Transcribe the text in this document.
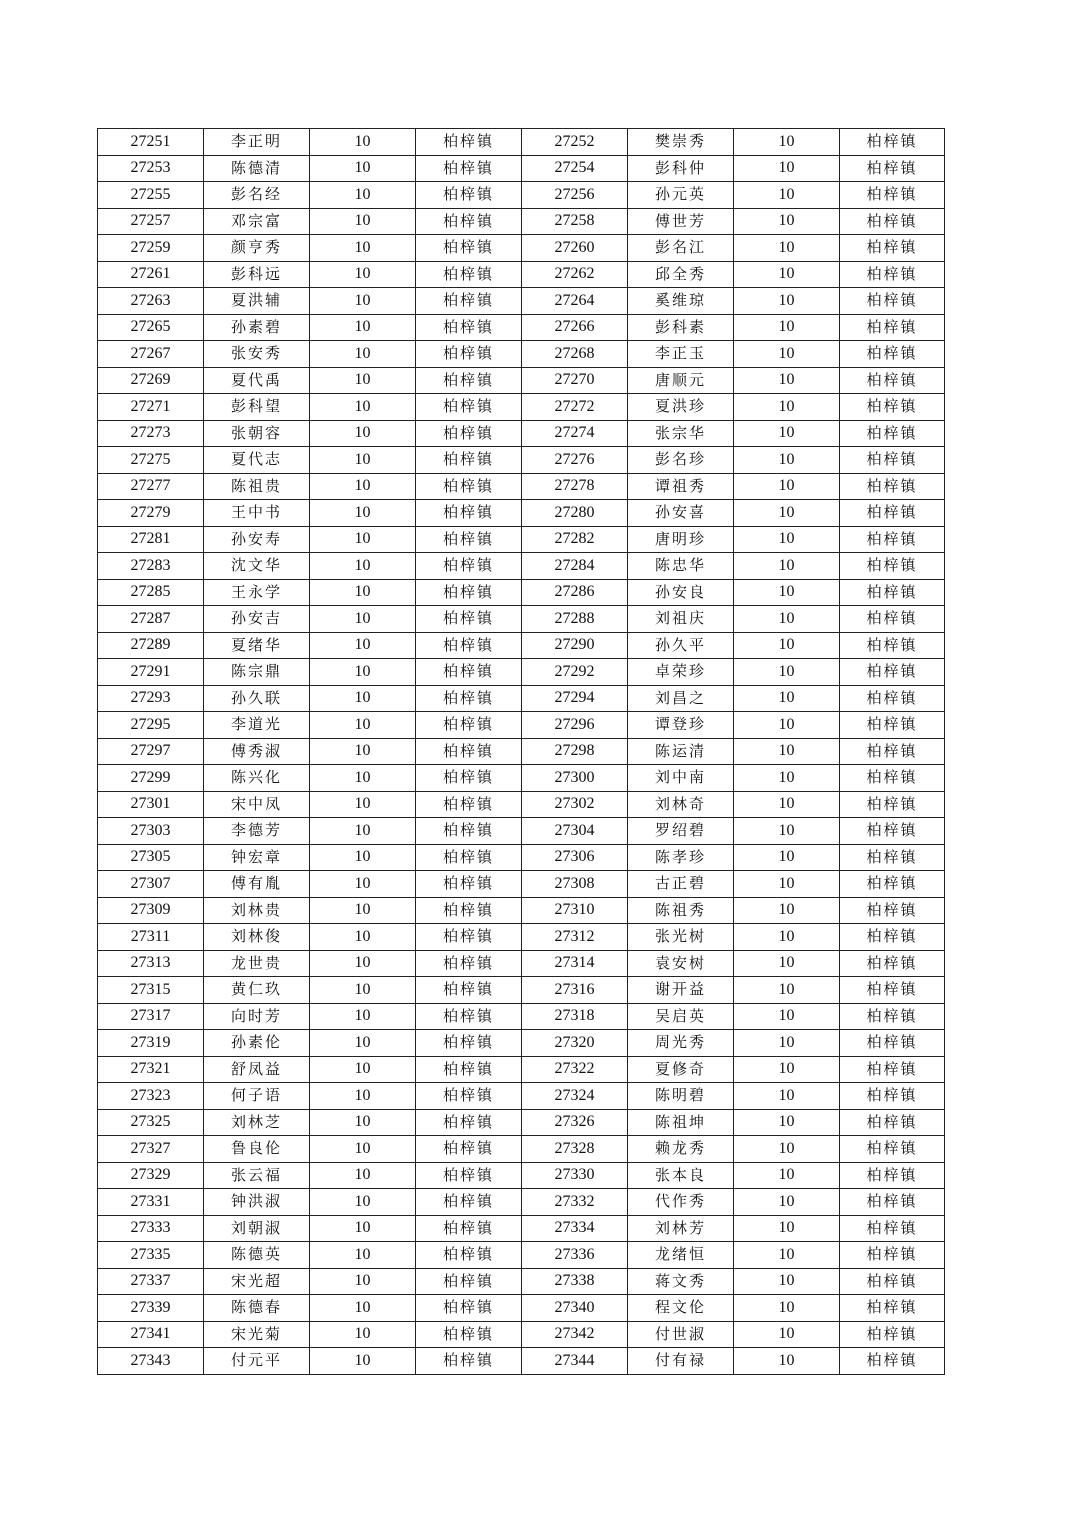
27251	李正明	10	柏梓镇	27252	樊崇秀	10	柏梓镇
27253	陈德清	10	柏梓镇	27254	彭科仲	10	柏梓镇
27255	彭名经	10	柏梓镇	27256	孙元英	10	柏梓镇
27257	邓宗富	10	柏梓镇	27258	傅世芳	10	柏梓镇
27259	颜亨秀	10	柏梓镇	27260	彭名江	10	柏梓镇
27261	彭科远	10	柏梓镇	27262	邱全秀	10	柏梓镇
27263	夏洪辅	10	柏梓镇	27264	奚维琼	10	柏梓镇
27265	孙素碧	10	柏梓镇	27266	彭科素	10	柏梓镇
27267	张安秀	10	柏梓镇	27268	李正玉	10	柏梓镇
27269	夏代禹	10	柏梓镇	27270	唐顺元	10	柏梓镇
27271	彭科望	10	柏梓镇	27272	夏洪珍	10	柏梓镇
27273	张朝容	10	柏梓镇	27274	张宗华	10	柏梓镇
27275	夏代志	10	柏梓镇	27276	彭名珍	10	柏梓镇
27277	陈祖贵	10	柏梓镇	27278	谭祖秀	10	柏梓镇
27279	王中书	10	柏梓镇	27280	孙安喜	10	柏梓镇
27281	孙安寿	10	柏梓镇	27282	唐明珍	10	柏梓镇
27283	沈文华	10	柏梓镇	27284	陈忠华	10	柏梓镇
27285	王永学	10	柏梓镇	27286	孙安良	10	柏梓镇
27287	孙安吉	10	柏梓镇	27288	刘祖庆	10	柏梓镇
27289	夏绪华	10	柏梓镇	27290	孙久平	10	柏梓镇
27291	陈宗鼎	10	柏梓镇	27292	卓荣珍	10	柏梓镇
27293	孙久联	10	柏梓镇	27294	刘昌之	10	柏梓镇
27295	李道光	10	柏梓镇	27296	谭登珍	10	柏梓镇
27297	傅秀淑	10	柏梓镇	27298	陈运清	10	柏梓镇
27299	陈兴化	10	柏梓镇	27300	刘中南	10	柏梓镇
27301	宋中凤	10	柏梓镇	27302	刘林奇	10	柏梓镇
27303	李德芳	10	柏梓镇	27304	罗绍碧	10	柏梓镇
27305	钟宏章	10	柏梓镇	27306	陈孝珍	10	柏梓镇
27307	傅有胤	10	柏梓镇	27308	古正碧	10	柏梓镇
27309	刘林贵	10	柏梓镇	27310	陈祖秀	10	柏梓镇
27311	刘林俊	10	柏梓镇	27312	张光树	10	柏梓镇
27313	龙世贵	10	柏梓镇	27314	袁安树	10	柏梓镇
27315	黄仁玖	10	柏梓镇	27316	谢开益	10	柏梓镇
27317	向时芳	10	柏梓镇	27318	吴启英	10	柏梓镇
27319	孙素伦	10	柏梓镇	27320	周光秀	10	柏梓镇
27321	舒凤益	10	柏梓镇	27322	夏修奇	10	柏梓镇
27323	何子语	10	柏梓镇	27324	陈明碧	10	柏梓镇
27325	刘林芝	10	柏梓镇	27326	陈祖坤	10	柏梓镇
27327	鲁良伦	10	柏梓镇	27328	赖龙秀	10	柏梓镇
27329	张云福	10	柏梓镇	27330	张本良	10	柏梓镇
27331	钟洪淑	10	柏梓镇	27332	代作秀	10	柏梓镇
27333	刘朝淑	10	柏梓镇	27334	刘林芳	10	柏梓镇
27335	陈德英	10	柏梓镇	27336	龙绪恒	10	柏梓镇
27337	宋光超	10	柏梓镇	27338	蒋文秀	10	柏梓镇
27339	陈德春	10	柏梓镇	27340	程文伦	10	柏梓镇
27341	宋光菊	10	柏梓镇	27342	付世淑	10	柏梓镇
27343	付元平	10	柏梓镇	27344	付有禄	10	柏梓镇
